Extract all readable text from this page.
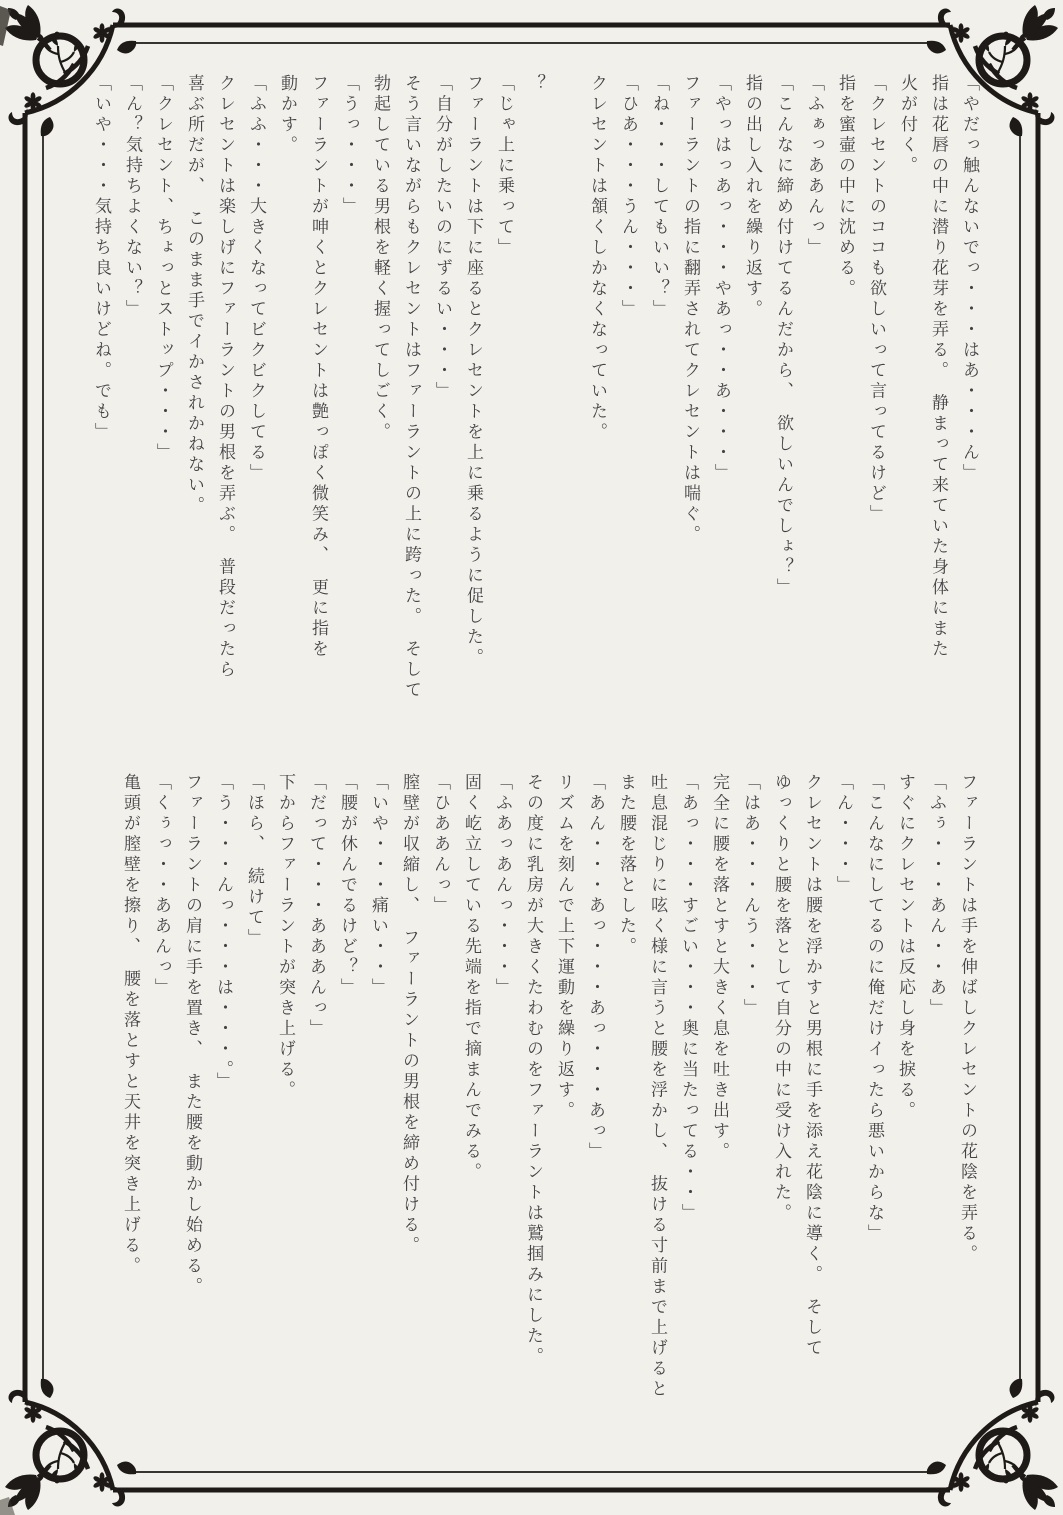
「やだっ触んないでっ・・・はあ・・・ん」

指は花唇の中に潜り花芽を弄る。　静まって来ていた身体にまた

火が付く。

「クレセントのココも欲しいって言ってるけど」

指を蜜壷の中に沈める。

「ふぁっああんっ」

「こんなに締め付けてるんだから、　欲しいんでしょ？」

指の出し入れを繰り返す。

「やっはっあっ・・・やあっ・・あ・・・」

ファーラントの指に翻弄されてクレセントは喘ぐ。

「ね・・・してもいい？」

「ひあ・・・うん・・・」

クレセントは頷くしかなくなっていた。

？

「じゃ上に乗って」

ファーラントは下に座るとクレセントを上に乗るように促した。

「自分がしたいのにずるい・・・」

そう言いながらもクレセントはファーラントの上に跨った。　そして

勃起している男根を軽く握ってしごく。

「うっ・・・」

ファーラントが呻くとクレセントは艶っぽく微笑み、　更に指を

動かす。

「ふふ・・・大きくなってビクビクしてる」

クレセントは楽しげにファーラントの男根を弄ぶ。　普段だったら

喜ぶ所だが、　このまま手でイかされかねない。

「クレセント、ちょっとストップ・・・」

「ん？気持ちよくない？」

「いや・・・気持ち良いけどね。でも」

ファーラントは手を伸ばしクレセントの花陰を弄る。

「ふぅ・・・あん・・あ」

すぐにクレセントは反応し身を捩る。

「こんなにしてるのに俺だけイったら悪いからな」

「ん・・・」

クレセントは腰を浮かすと男根に手を添え花陰に導く。　そして

ゆっくりと腰を落として自分の中に受け入れた。

「はあ・・・んう・・・」

完全に腰を落とすと大きく息を吐き出す。

「あっ・・・すごい・・・奥に当たってる・・」

吐息混じりに呟く様に言うと腰を浮かし、　抜ける寸前まで上げると

また腰を落とした。

「あん・・・あっ・・・あっ・・・あっ」

リズムを刻んで上下運動を繰り返す。

その度に乳房が大きくたわむのをファーラントは鷲掴みにした。

「ふあっあんっ・・・」

固く屹立している先端を指で摘まんでみる。

「ひああんっ」

膣壁が収縮し、　ファーラントの男根を締め付ける。

「いや・・・痛い・・」

「腰が休んでるけど？」

「だって・・・あああんっ」

下からファーラントが突き上げる。

「ほら、　続けて」

「う・・・んっ・・・は・・・。」

ファーラントの肩に手を置き、　また腰を動かし始める。

「くぅっ・・ああんっ」

亀頭が膣壁を擦り、　腰を落とすと天井を突き上げる。
